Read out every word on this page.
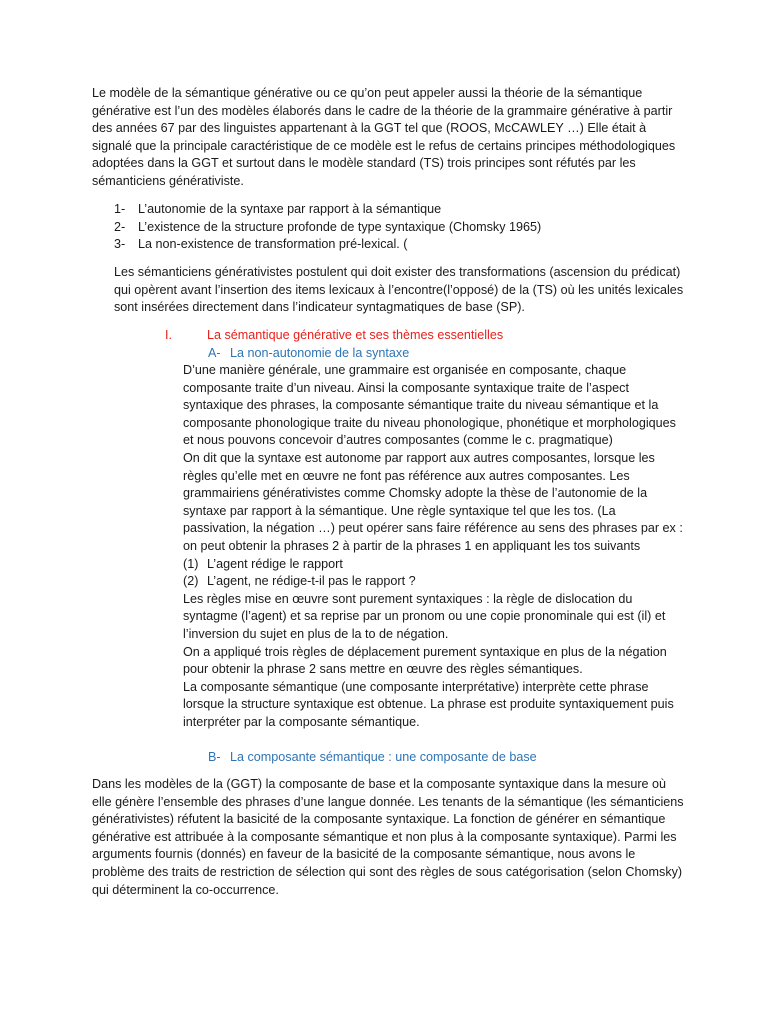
Le modèle de la sémantique générative ou ce qu’on peut appeler aussi la théorie de la sémantique générative est l’un des modèles élaborés dans le cadre de la théorie de la grammaire générative à partir des années 67 par des linguistes appartenant à la GGT tel que (ROOS, McCAWLEY …) Elle était à signalé que la principale caractéristique de ce modèle est le refus de certains principes méthodologiques adoptées dans la GGT et surtout dans le modèle standard (TS) trois principes sont réfutés par les sémanticiens générativiste.

1-	L’autonomie de la syntaxe par rapport à la sémantique
2-	L’existence de la structure profonde de type syntaxique (Chomsky 1965)
3-	La non-existence de transformation pré-lexical. (

Les sémanticiens générativistes postulent qui doit exister des transformations (ascension du prédicat) qui opèrent avant l’insertion des items lexicaux à l’encontre(l’opposé) de la (TS) où les unités lexicales sont insérées directement dans l’indicateur syntagmatiques de base (SP).

I.	La sémantique générative et ses thèmes essentielles
A- La non-autonomie de la syntaxe

D’une manière générale, une grammaire est organisée en composante, chaque composante traite d’un niveau. Ainsi la composante syntaxique traite de l’aspect syntaxique des phrases, la composante sémantique traite du niveau sémantique et la composante phonologique traite du niveau phonologique, phonétique et morphologiques et nous pouvons concevoir d’autres composantes (comme le c. pragmatique)

On dit que la syntaxe est autonome par rapport aux autres composantes, lorsque les règles qu’elle met en œuvre ne font pas référence aux autres composantes. Les grammairiens générativistes comme Chomsky adopte la thèse de l’autonomie de la syntaxe par rapport à la sémantique. Une règle syntaxique tel que les tos. (La passivation, la négation …) peut opérer sans faire référence au sens des phrases par ex : on peut obtenir la phrases 2 à partir de la phrases 1 en appliquant les tos suivants

(1) L’agent rédige le rapport
(2) L’agent, ne rédige-t-il pas le rapport ?

Les règles mise en œuvre sont purement syntaxiques : la règle de dislocation du syntagme (l’agent) et sa reprise par un pronom ou une copie pronominale qui est (il) et l’inversion du sujet en plus de la to de négation.

On a appliqué trois règles de déplacement purement syntaxique en plus de la négation pour obtenir la phrase 2 sans mettre en œuvre des règles sémantiques.

La composante sémantique (une composante interprétative) interprète cette phrase lorsque la structure syntaxique est obtenue. La phrase est produite syntaxiquement puis interpréter par la composante sémantique.

B- La composante sémantique : une composante de base

Dans les modèles de la (GGT) la composante de base et la composante syntaxique dans la mesure où elle génère l’ensemble des phrases d’une langue donnée. Les tenants de la sémantique (les sémanticiens générativistes) réfutent la basicité de la composante syntaxique. La fonction de générer en sémantique générative est attribuée à la composante sémantique et non plus à la composante syntaxique). Parmi les arguments fournis (donnés) en faveur de la basicité de la composante sémantique, nous avons le problème des traits de restriction de sélection qui sont des règles de sous catégorisation (selon Chomsky) qui déterminent la co-occurrence.
